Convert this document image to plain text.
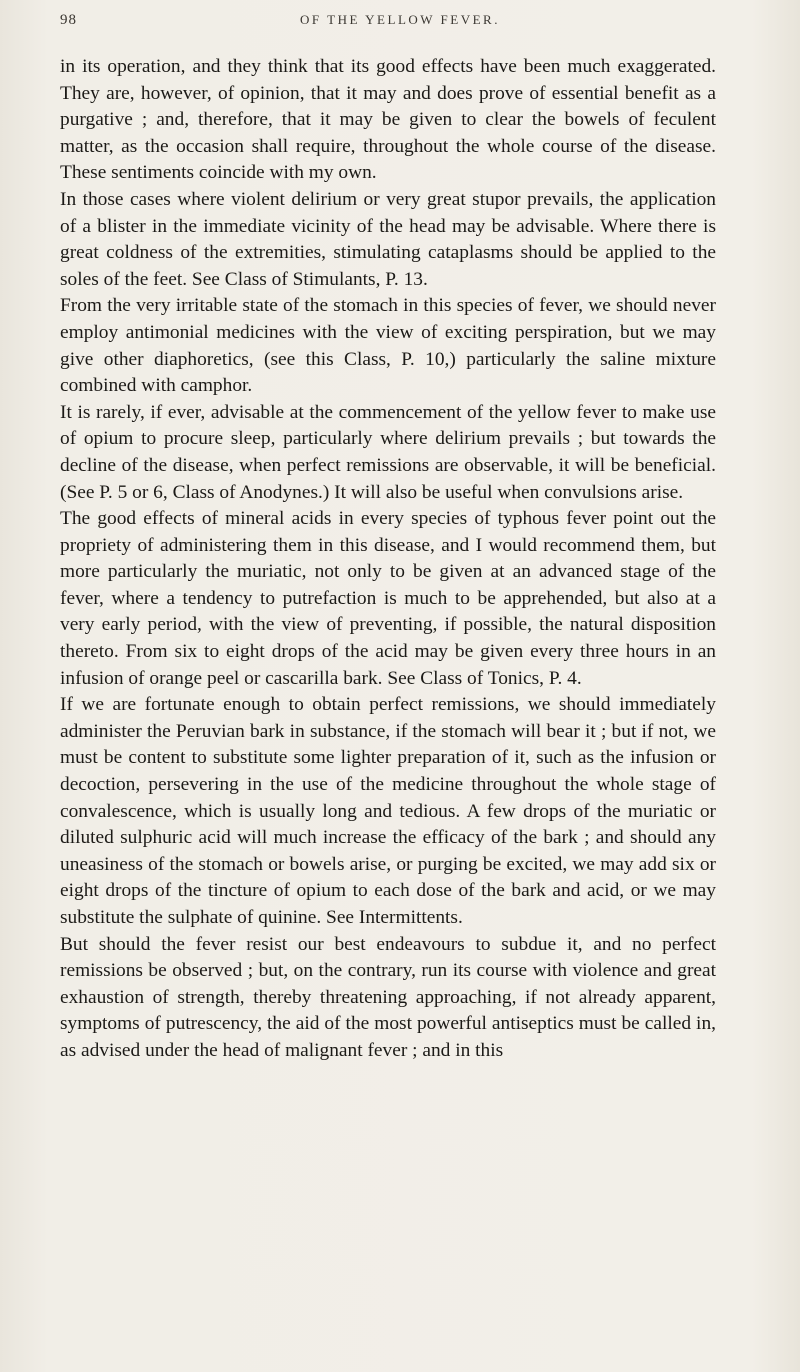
98	OF THE YELLOW FEVER.

in its operation, and they think that its good effects have been much exaggerated. They are, however, of opinion, that it may and does prove of essential benefit as a purgative ; and, therefore, that it may be given to clear the bowels of feculent matter, as the occasion shall require, throughout the whole course of the disease. These sentiments coincide with my own.

In those cases where violent delirium or very great stupor prevails, the application of a blister in the immediate vicinity of the head may be advisable. Where there is great coldness of the extremities, stimulating cataplasms should be applied to the soles of the feet. See Class of Stimulants, P. 13.

From the very irritable state of the stomach in this species of fever, we should never employ antimonial medicines with the view of exciting perspiration, but we may give other diaphoretics, (see this Class, P. 10,) particularly the saline mixture combined with camphor.

It is rarely, if ever, advisable at the commencement of the yellow fever to make use of opium to procure sleep, particularly where delirium prevails ; but towards the decline of the disease, when perfect remissions are observable, it will be beneficial. (See P. 5 or 6, Class of Anodynes.) It will also be useful when convulsions arise.

The good effects of mineral acids in every species of typhous fever point out the propriety of administering them in this disease, and I would recommend them, but more particularly the muriatic, not only to be given at an advanced stage of the fever, where a tendency to putrefaction is much to be apprehended, but also at a very early period, with the view of preventing, if possible, the natural disposition thereto. From six to eight drops of the acid may be given every three hours in an infusion of orange peel or cascarilla bark. See Class of Tonics, P. 4.

If we are fortunate enough to obtain perfect remissions, we should immediately administer the Peruvian bark in substance, if the stomach will bear it ; but if not, we must be content to substitute some lighter preparation of it, such as the infusion or decoction, persevering in the use of the medicine throughout the whole stage of convalescence, which is usually long and tedious. A few drops of the muriatic or diluted sulphuric acid will much increase the efficacy of the bark ; and should any uneasiness of the stomach or bowels arise, or purging be excited, we may add six or eight drops of the tincture of opium to each dose of the bark and acid, or we may substitute the sulphate of quinine. See Intermittents.

But should the fever resist our best endeavours to subdue it, and no perfect remissions be observed ; but, on the contrary, run its course with violence and great exhaustion of strength, thereby threatening approaching, if not already apparent, symptoms of putrescency, the aid of the most powerful antiseptics must be called in, as advised under the head of malignant fever ; and in this
